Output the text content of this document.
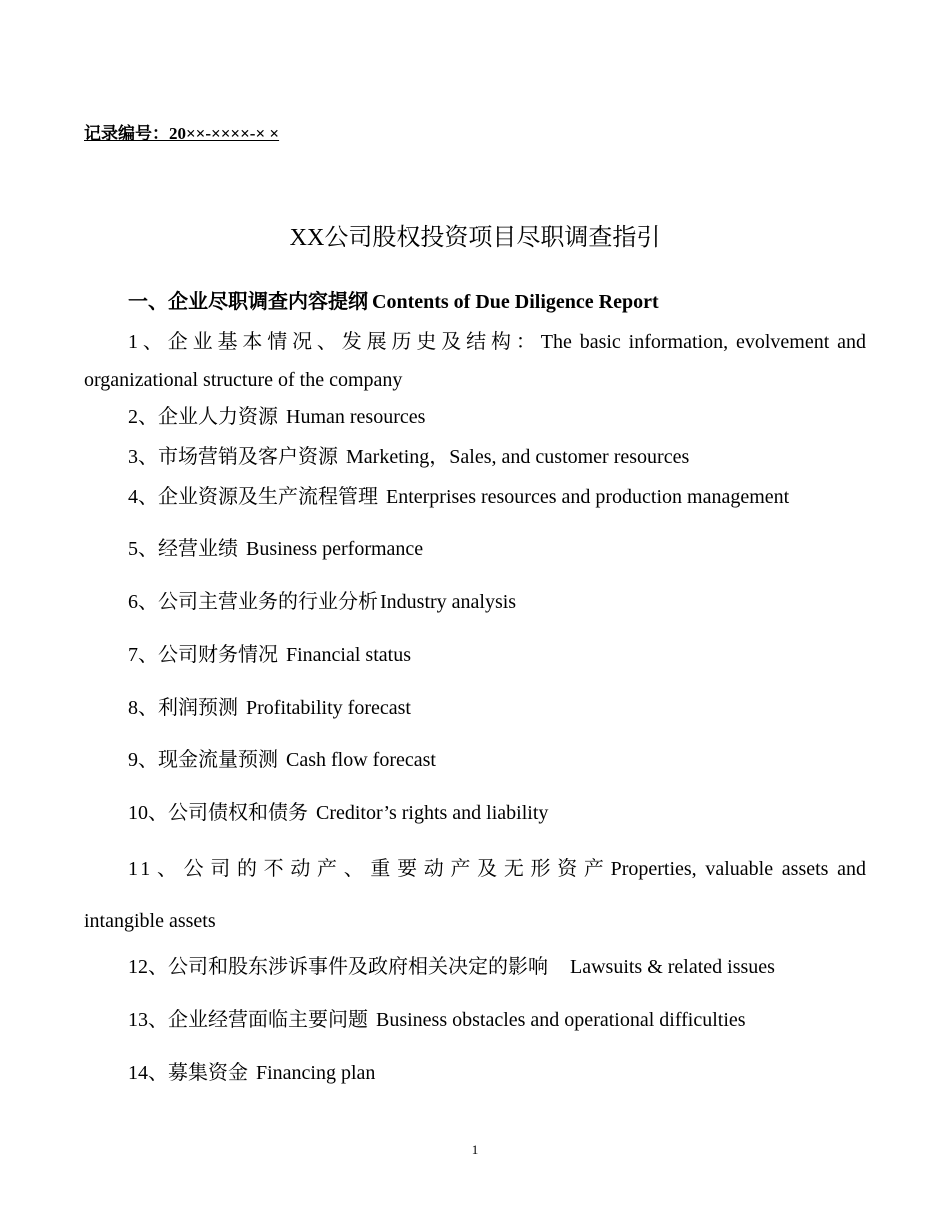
记录编号：20××-××××-× ×
XX公司股权投资项目尽职调查指引
一、企业尽职调查内容提纲 Contents of Due Diligence Report
1、企业基本情况、发展历史及结构：The basic information, evolvement and
organizational structure of the company
2、企业人力资源 Human resources
3、市场营销及客户资源 Marketing，Sales, and customer resources
4、企业资源及生产流程管理 Enterprises resources and production management
5、经营业绩 Business performance
6、公司主营业务的行业分析 Industry analysis
7、公司财务情况 Financial status
8、利润预测 Profitability forecast
9、现金流量预测 Cash flow forecast
10、公司债权和债务 Creditor’s rights and liability
11、公司的不动产、重要动产及无形资产Properties, valuable assets and
intangible assets
12、公司和股东涉诉事件及政府相关决定的影响 Lawsuits & related issues
13、企业经营面临主要问题 Business obstacles and operational difficulties
14、募集资金 Financing plan
1
